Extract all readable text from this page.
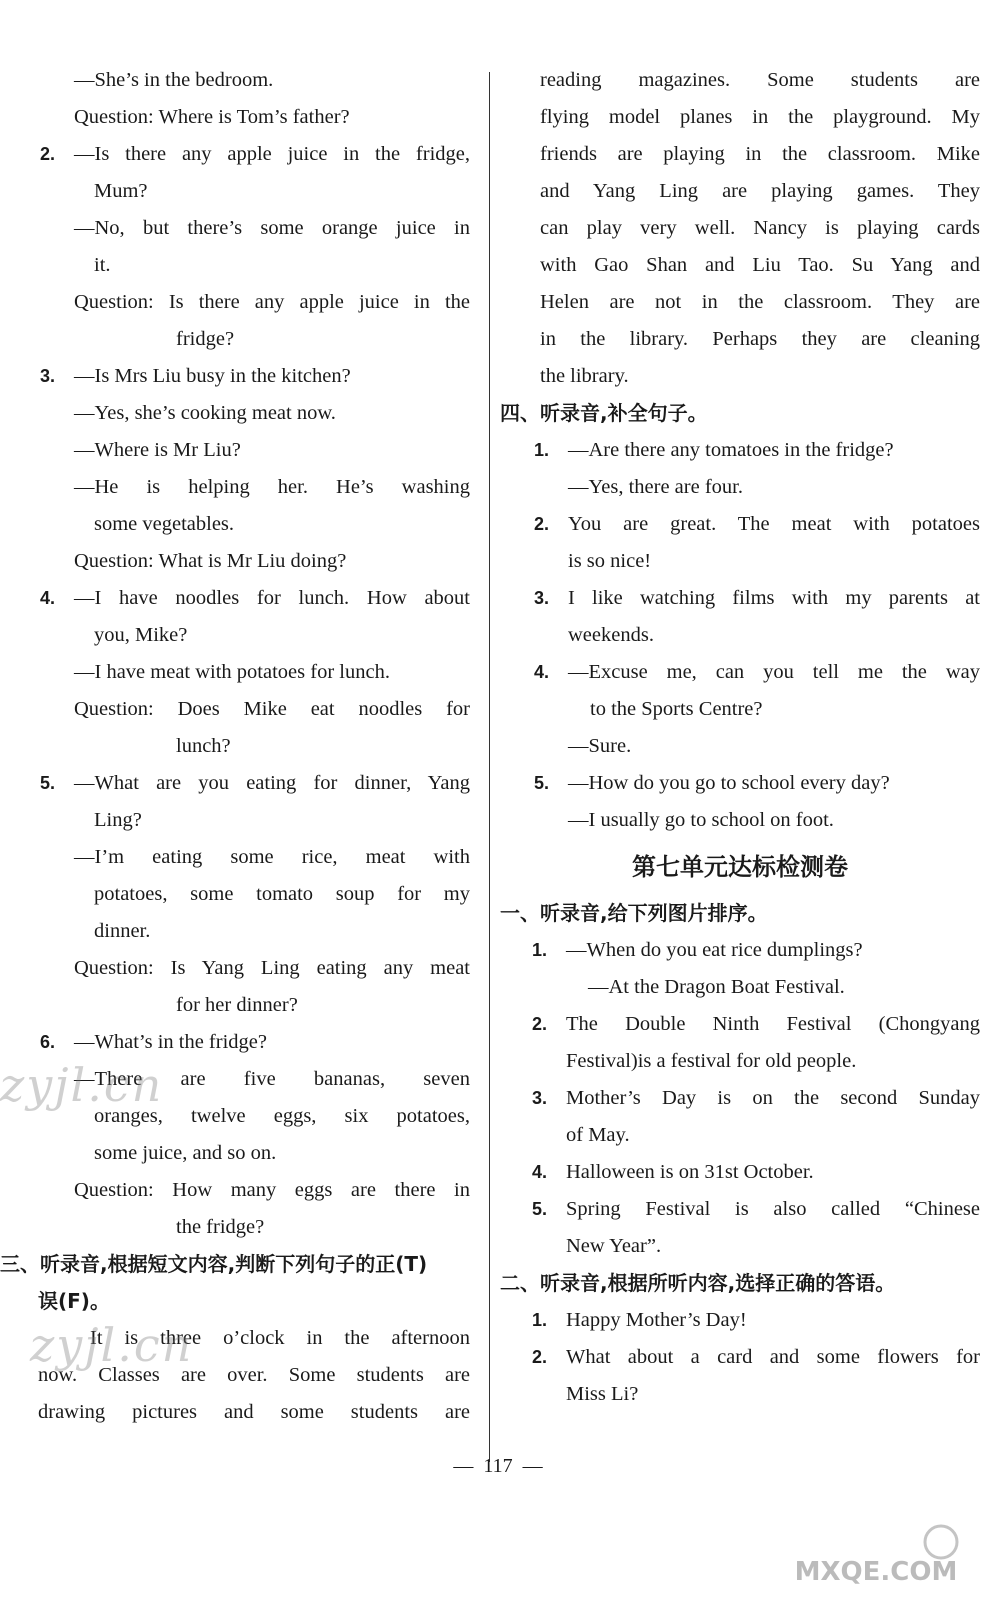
—She’s in the bedroom.
Question: Where is Tom’s father?
2. —Is there any apple juice in the fridge,
Mum?
—No, but there’s some orange juice in
it.
Question: Is there any apple juice in the
fridge?
3. —Is Mrs Liu busy in the kitchen?
—Yes, she’s cooking meat now.
—Where is Mr Liu?
—He is helping her. He’s washing
some vegetables.
Question: What is Mr Liu doing?
4. —I have noodles for lunch. How about
you, Mike?
—I have meat with potatoes for lunch.
Question: Does Mike eat noodles for
lunch?
5. —What are you eating for dinner, Yang
Ling?
—I’m eating some rice, meat with
potatoes, some tomato soup for my
dinner.
Question: Is Yang Ling eating any meat
for her dinner?
6. —What’s in the fridge?
—There are five bananas, seven
oranges, twelve eggs, six potatoes,
some juice, and so on.
Question: How many eggs are there in
the fridge?
三、听录音,根据短文内容,判断下列句子的正(T)
误(F)。
It is three o’clock in the afternoon
now. Classes are over. Some students are
drawing pictures and some students are
reading magazines. Some students are
flying model planes in the playground. My
friends are playing in the classroom. Mike
and Yang Ling are playing games. They
can play very well. Nancy is playing cards
with Gao Shan and Liu Tao. Su Yang and
Helen are not in the classroom. They are
in the library. Perhaps they are cleaning
the library.
四、听录音,补全句子。
1. —Are there any tomatoes in the fridge?
—Yes, there are four.
2. You are great. The meat with potatoes
is so nice!
3. I like watching films with my parents at
weekends.
4. —Excuse me, can you tell me the way
to the Sports Centre?
—Sure.
5. —How do you go to school every day?
—I usually go to school on foot.
第七单元达标检测卷
一、听录音,给下列图片排序。
1. —When do you eat rice dumplings?
—At the Dragon Boat Festival.
2. The Double Ninth Festival (Chongyang
Festival)is a festival for old people.
3. Mother’s Day is on the second Sunday
of May.
4. Halloween is on 31st October.
5. Spring Festival is also called “Chinese
New Year”.
二、听录音,根据所听内容,选择正确的答语。
1. Happy Mother’s Day!
2. What about a card and some flowers for
Miss Li?
—  117  —
zyjl.cn
zyjl.cn
MXQE.COM
